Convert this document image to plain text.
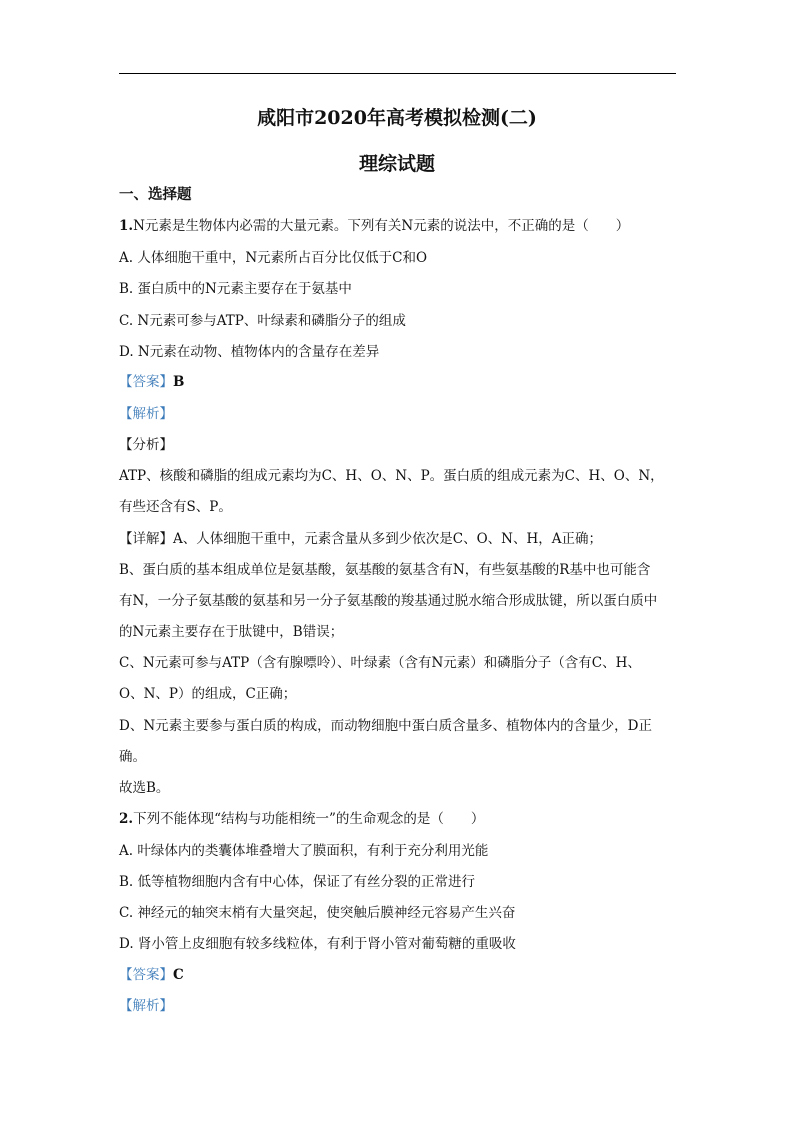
咸阳市2020年高考模拟检测(二)
理综试题
一、选择题
1.N元素是生物体内必需的大量元素。下列有关N元素的说法中，不正确的是（　　）
A. 人体细胞干重中，N元素所占百分比仅低于C和O
B. 蛋白质中的N元素主要存在于氨基中
C. N元素可参与ATP、叶绿素和磷脂分子的组成
D. N元素在动物、植物体内的含量存在差异
【答案】B
【解析】
【分析】
ATP、核酸和磷脂的组成元素均为C、H、O、N、P。蛋白质的组成元素为C、H、O、N，
有些还含有S、P。
【详解】A、人体细胞干重中，元素含量从多到少依次是C、O、N、H，A正确；
B、蛋白质的基本组成单位是氨基酸，氨基酸的氨基含有N，有些氨基酸的R基中也可能含
有N，一分子氨基酸的氨基和另一分子氨基酸的羧基通过脱水缩合形成肽键，所以蛋白质中
的N元素主要存在于肽键中，B错误；
C、N元素可参与ATP（含有腺嘌呤）、叶绿素（含有N元素）和磷脂分子（含有C、H、
O、N、P）的组成，C正确；
D、N元素主要参与蛋白质的构成，而动物细胞中蛋白质含量多、植物体内的含量少，D正
确。
故选B。
2.下列不能体现“结构与功能相统一”的生命观念的是（　　）
A. 叶绿体内的类囊体堆叠增大了膜面积，有利于充分利用光能
B. 低等植物细胞内含有中心体，保证了有丝分裂的正常进行
C. 神经元的轴突末梢有大量突起，使突触后膜神经元容易产生兴奋
D. 肾小管上皮细胞有较多线粒体，有利于肾小管对葡萄糖的重吸收
【答案】C
【解析】
